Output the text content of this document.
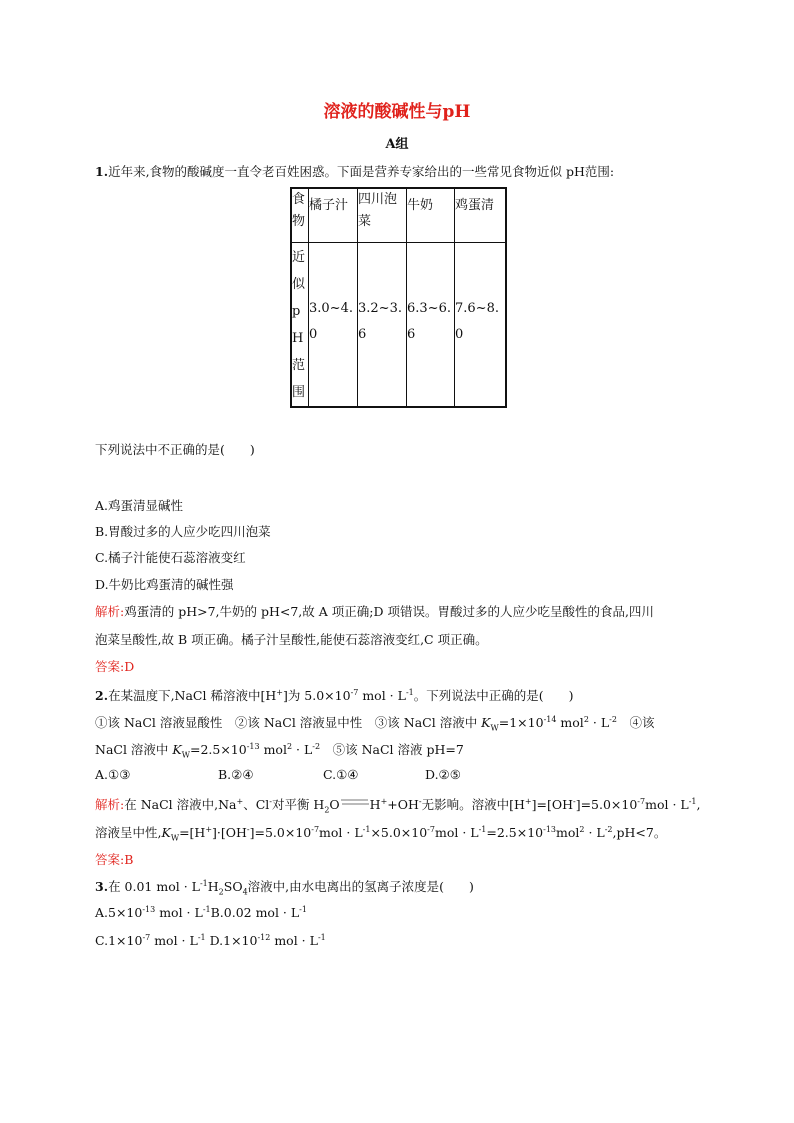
溶液的酸碱性与pH
A组
1.近年来,食物的酸碱度一直令老百姓困惑。下面是营养专家给出的一些常见食物近似 pH范围:
食物	橘子汁	四川泡菜	牛奶	鸡蛋清
近似pH范围	3.0~4.0	3.2~3.6	6.3~6.6	7.6~8.0
下列说法中不正确的是(　　)
A.鸡蛋清显碱性
B.胃酸过多的人应少吃四川泡菜
C.橘子汁能使石蕊溶液变红
D.牛奶比鸡蛋清的碱性强
解析:鸡蛋清的 pH>7,牛奶的 pH<7,故 A 项正确;D 项错误。胃酸过多的人应少吃呈酸性的食品,四川
泡菜呈酸性,故 B 项正确。橘子汁呈酸性,能使石蕊溶液变红,C 项正确。
答案:D
2.在某温度下,NaCl 稀溶液中[H+]为 $5.0\times 10^{-7}$ mol · $L^{-1}$。下列说法中正确的是(　　)
①该 NaCl 溶液显酸性　②该 NaCl 溶液显中性　③该 NaCl 溶液中 $K_W=1\times 10^{-14}$ $mol^2 \cdot L^{-2}$　④该
NaCl 溶液中 $K_W=2.5\times 10^{-13}$ $mol^2 \cdot L^{-2}$　⑤该 NaCl 溶液 pH=7
A.①③	B.②④	C.①④	D.②⑤
解析:在 NaCl 溶液中,Na+、Cl-对平衡 $H_2O$ H++OH-无影响。溶液中$[H^+]=[OH^-]=5.0\times 10^{-7}mol \cdot L^{-1}$,
溶液呈中性$,K_W=[H^+]\cdot[OH^-]=5.0\times 10^{-7}mol \cdot L^{-1}\times 5.0\times 10^{-7}mol \cdot L^{-1}=2.5\times 10^{-13}mol^2 \cdot L^{-2},pH<7$。
答案:B
3.在 0.01 mol · $L^{-1}H_2SO_4$溶液中,由水电离出的氢离子浓度是(　　)
$A.5\times 10^{-13}$ mol · $L^{-1}B.0.02$ mol · $L^{-1}$
$C.1\times 10^{-7}$ mol · $L^{-1}$ $D.1\times 10^{-12}$ mol · $L^{-1}$
